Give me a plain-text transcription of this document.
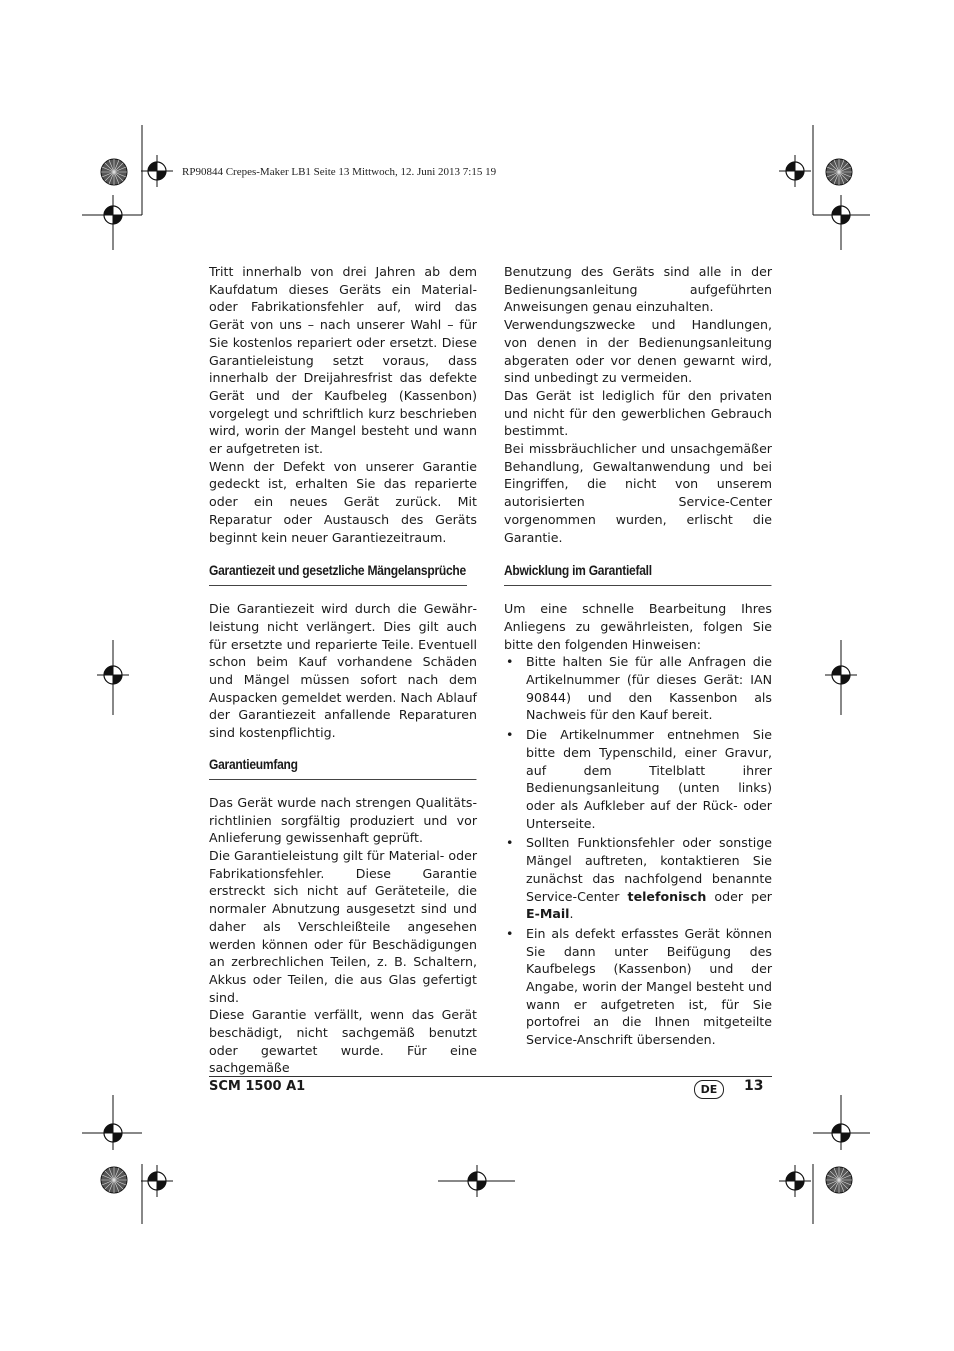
RP90844 Crepes-Maker LB1 Seite 13 Mittwoch, 12. Juni 2013 7:15 19

Tritt innerhalb von drei Jahren ab dem Kaufdatum dieses Geräts ein Material- oder Fabrikationsfehler auf, wird das Gerät von uns – nach unserer Wahl – für Sie kostenlos repariert oder ersetzt. Diese Garantieleistung setzt voraus, dass innerhalb der Dreijahresfrist das defekte Gerät und der Kaufbeleg (Kassenbon) vorgelegt und schriftlich kurz beschrieben wird, worin der Mangel besteht und wann er aufgetreten ist.

Wenn der Defekt von unserer Garantie gedeckt ist, erhalten Sie das reparierte oder ein neues Gerät zurück. Mit Reparatur oder Austausch des Geräts beginnt kein neuer Garantiezeitraum.

Garantiezeit und gesetzliche Mängelansprüche

Die Garantiezeit wird durch die Gewährleistung nicht verlängert. Dies gilt auch für ersetzte und reparierte Teile. Eventuell schon beim Kauf vorhandene Schäden und Mängel müssen sofort nach dem Auspacken gemeldet werden. Nach Ablauf der Garantiezeit anfallende Reparaturen sind kostenpflichtig.

Garantieumfang

Das Gerät wurde nach strengen Qualitätsrichtlinien sorgfältig produziert und vor Anlieferung gewissenhaft geprüft.

Die Garantieleistung gilt für Material- oder Fabrikationsfehler. Diese Garantie erstreckt sich nicht auf Geräteteile, die normaler Abnutzung ausgesetzt sind und daher als Verschleißteile angesehen werden können oder für Beschädigungen an zerbrechlichen Teilen, z. B. Schaltern, Akkus oder Teilen, die aus Glas gefertigt sind.

Diese Garantie verfällt, wenn das Gerät beschädigt, nicht sachgemäß benutzt oder gewartet wurde. Für eine sachgemäße

Benutzung des Geräts sind alle in der Bedienungsanleitung aufgeführten Anweisungen genau einzuhalten.

Verwendungszwecke und Handlungen, von denen in der Bedienungsanleitung abgeraten oder vor denen gewarnt wird, sind unbedingt zu vermeiden.

Das Gerät ist lediglich für den privaten und nicht für den gewerblichen Gebrauch bestimmt.

Bei missbräuchlicher und unsachgemäßer Behandlung, Gewaltanwendung und bei Eingriffen, die nicht von unserem autorisierten Service-Center vorgenommen wurden, erlischt die Garantie.

Abwicklung im Garantiefall

Um eine schnelle Bearbeitung Ihres Anliegens zu gewährleisten, folgen Sie bitte den folgenden Hinweisen:

• Bitte halten Sie für alle Anfragen die Artikelnummer (für dieses Gerät: IAN 90844) und den Kassenbon als Nachweis für den Kauf bereit.
• Die Artikelnummer entnehmen Sie bitte dem Typenschild, einer Gravur, auf dem Titelblatt ihrer Bedienungsanleitung (unten links) oder als Aufkleber auf der Rück- oder Unterseite.
• Sollten Funktionsfehler oder sonstige Mängel auftreten, kontaktieren Sie zunächst das nachfolgend benannte Service-Center telefonisch oder per E-Mail.
• Ein als defekt erfasstes Gerät können Sie dann unter Beifügung des Kaufbelegs (Kassenbon) und der Angabe, worin der Mangel besteht und wann er aufgetreten ist, für Sie portofrei an die Ihnen mitgeteilte Service-Anschrift übersenden.
SCM 1500 A1	DE	13
